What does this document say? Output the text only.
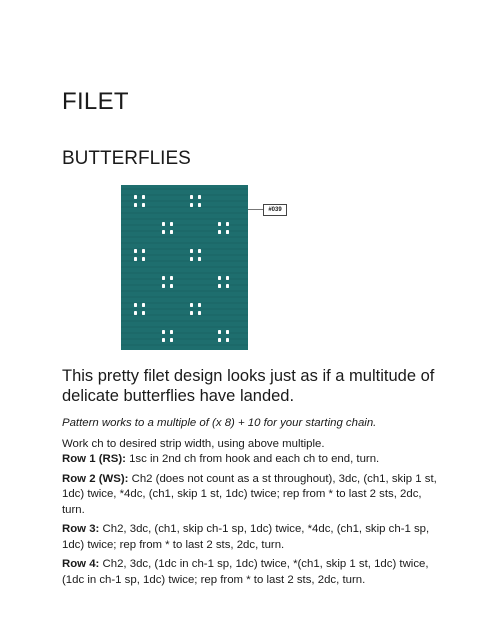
FILET
BUTTERFLIES
#039
This pretty filet design looks just as if a multitude of delicate butterflies have landed.

Pattern works to a multiple of (x 8) + 10 for your starting chain.

Work ch to desired strip width, using above multiple.

Row 1 (RS): 1sc in 2nd ch from hook and each ch to end, turn.

Row 2 (WS): Ch2 (does not count as a st throughout), 3dc, (ch1, skip 1 st, 1dc) twice, *4dc, (ch1, skip 1 st, 1dc) twice; rep from * to last 2 sts, 2dc, turn.

Row 3: Ch2, 3dc, (ch1, skip ch-1 sp, 1dc) twice, *4dc, (ch1, skip ch-1 sp, 1dc) twice; rep from * to last 2 sts, 2dc, turn.

Row 4: Ch2, 3dc, (1dc in ch-1 sp, 1dc) twice, *(ch1, skip 1 st, 1dc) twice, (1dc in ch-1 sp, 1dc) twice; rep from * to last 2 sts, 2dc, turn.
